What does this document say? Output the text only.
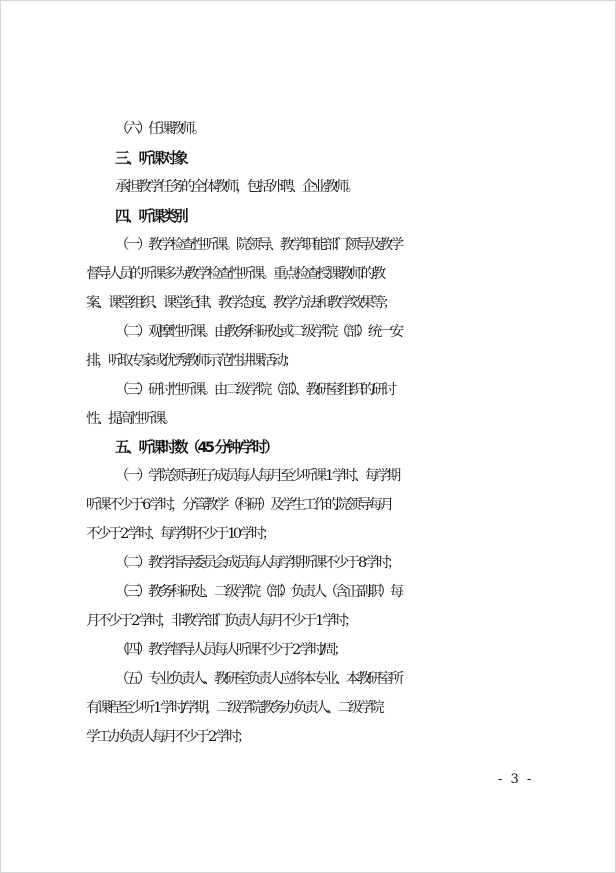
（六）任课教师。
三、听课对象
承担教学任务的全体教师，包括外聘、企业教师。
四、听课类别
（一）教学检查性听课。院领导、教学职能部门领导及教学
督导人员的听课多为教学检查性听课。重点检查授课教师的教
案、课堂组织、课堂纪律、教学态度、教学方法和教学效果等；
（二）观摩性听课。由教务科研处或二级学院（部）统一安
排，听取专家或优秀教师示范性讲课活动；
（三）研讨性听课。由二级学院（部）、教研室组织的研讨
性、提高性听课。
五、听课时数（45 分钟/学时）
（一）学院领导班子成员每人每月至少听课 1 学时、每学期
听课不少于 6 学时，分管教学（科研）及学生工作的院领导每月
不少于 2 学时、每学期不少于 10 学时；
（二）教学指导委员会成员每人每学期听课不少于 8 学时；
（三）教务科研处、二级学院（部）负责人（含正副职）每
月不少于 2 学时，非教学部门负责人每月不少于 1 学时；
（四）教学督导人员每人听课不少于 2 学时/周；
（五）专业负责人、教研室负责人应将本专业、本教研室所
有课程至少听 1 学时/学期，二级学院教务办负责人、二级学院
学工办负责人每月不少于 2 学时；
- 3 -
